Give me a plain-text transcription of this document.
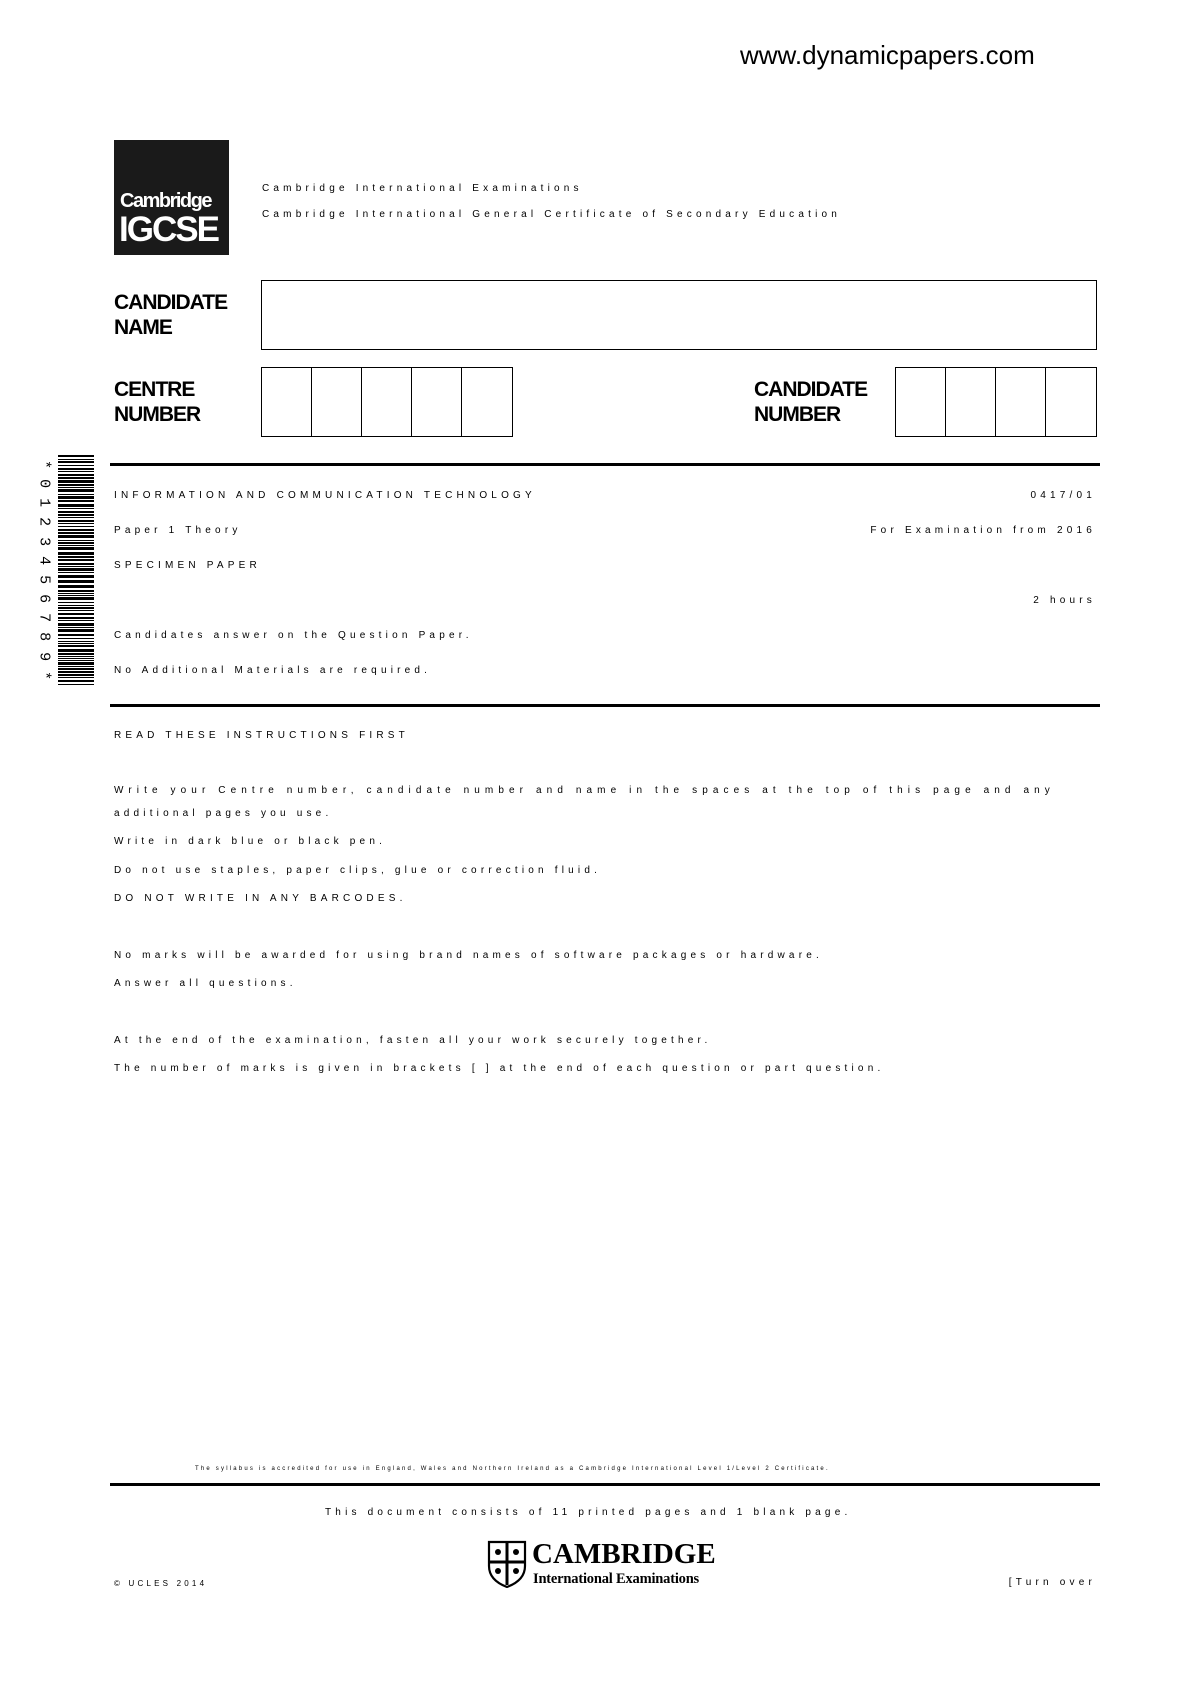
www.dynamicpapers.com
Cambridge
IGCSE
Cambridge International Examinations
Cambridge International General Certificate of Secondary Education
CANDIDATE
NAME
CENTRE
NUMBER
CANDIDATE
NUMBER
*
0
1
2
3
4
5
6
7
8
9
*
INFORMATION AND COMMUNICATION TECHNOLOGY	0417/01
Paper 1 Theory	For Examination from 2016
SPECIMEN PAPER
2 hours
Candidates answer on the Question Paper.
No Additional Materials are required.
READ THESE INSTRUCTIONS FIRST
Write your Centre number, candidate number and name in the spaces at the top of this page and any
additional pages you use.
Write in dark blue or black pen.
Do not use staples, paper clips, glue or correction fluid.
DO NOT WRITE IN ANY BARCODES.
No marks will be awarded for using brand names of software packages or hardware.
Answer all questions.
At the end of the examination, fasten all your work securely together.
The number of marks is given in brackets [ ] at the end of each question or part question.
The syllabus is accredited for use in England, Wales and Northern Ireland as a Cambridge International Level 1/Level 2 Certificate.
This document consists of 11 printed pages and 1 blank page.
CAMBRIDGE
International Examinations
© UCLES 2014	[Turn over
